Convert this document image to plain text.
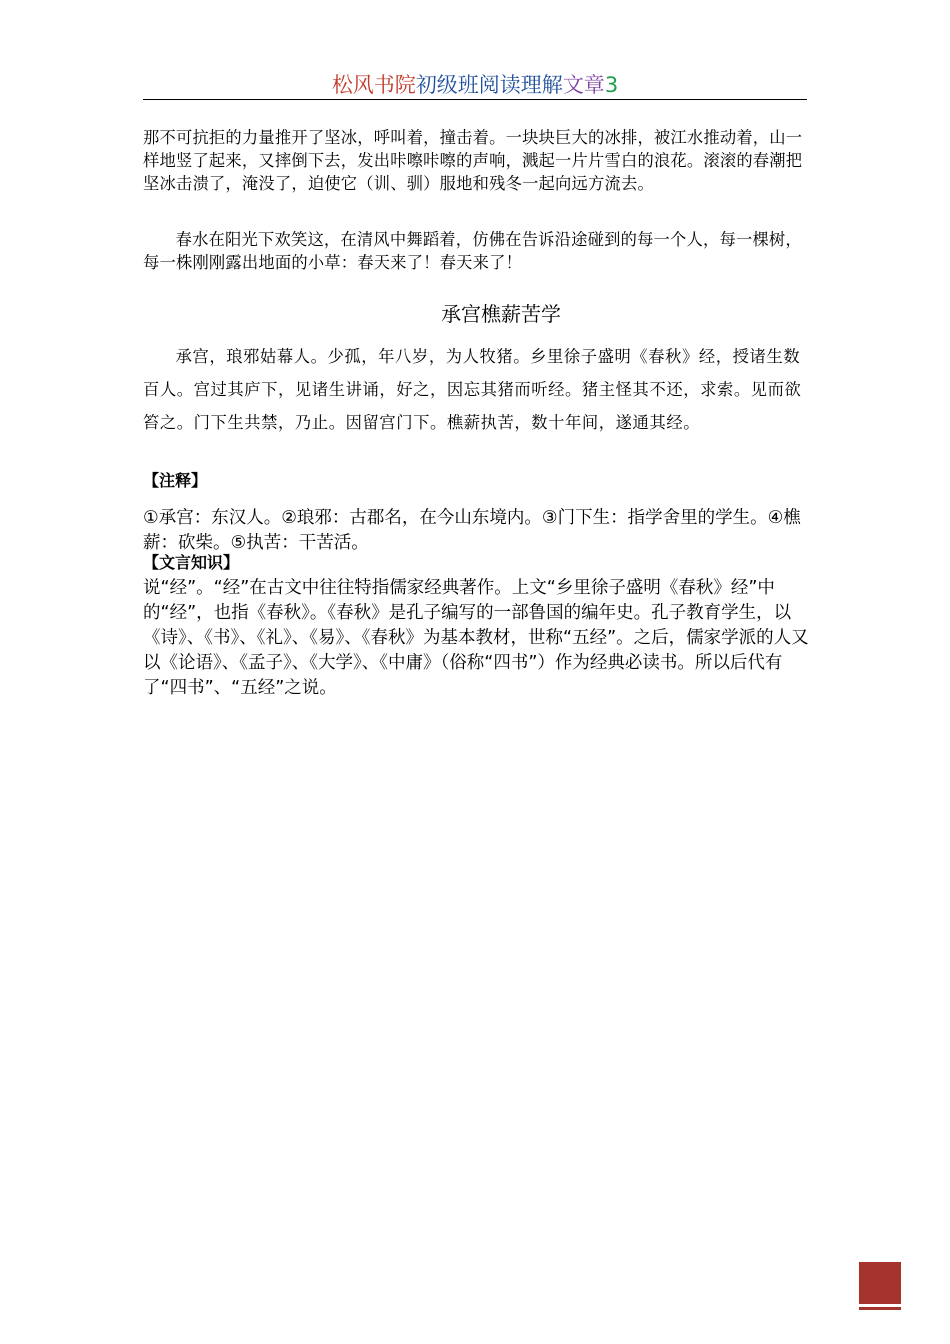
松风书院初级班阅读理解文章3

那不可抗拒的力量推开了坚冰，呼叫着，撞击着。一块块巨大的冰排，被江水推动着，山一样地竖了起来，又摔倒下去，发出咔嚓咔嚓的声响，溅起一片片雪白的浪花。滚滚的春潮把坚冰击溃了，淹没了，迫使它（训、驯）服地和残冬一起向远方流去。

春水在阳光下欢笑这，在清风中舞蹈着，仿佛在告诉沿途碰到的每一个人，每一棵树，每一株刚刚露出地面的小草：春天来了！春天来了！

承宫樵薪苦学

承宫，琅邪姑幕人。少孤，年八岁，为人牧猪。乡里徐子盛明《春秋》经，授诸生数百人。宫过其庐下，见诸生讲诵，好之，因忘其猪而听经。猪主怪其不还，求索。见而欲笞之。门下生共禁，乃止。因留宫门下。樵薪执苦，数十年间，遂通其经。

【注释】

①承宫：东汉人。②琅邪：古郡名，在今山东境内。③门下生：指学舍里的学生。④樵薪：砍柴。⑤执苦：干苦活。

【文言知识】

说“经”。“经”在古文中往往特指儒家经典著作。上文“乡里徐子盛明《春秋》经”中的“经”，也指《春秋》。《春秋》是孔子编写的一部鲁国的编年史。孔子教育学生，以《诗》、《书》、《礼》、《易》、《春秋》为基本教材，世称“五经”。之后，儒家学派的人又以《论语》、《孟子》、《大学》、《中庸》（俗称“四书”）作为经典必读书。所以后代有了“四书”、“五经”之说。
